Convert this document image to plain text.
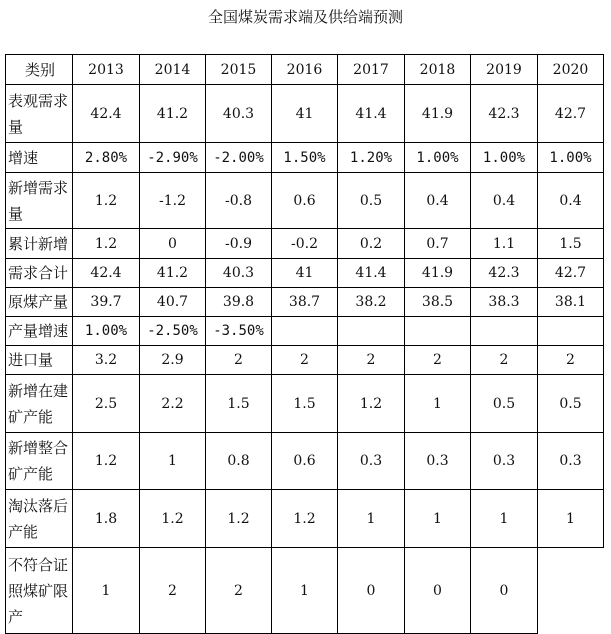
全国煤炭需求端及供给端预测
类别	2013	2014	2015	2016	2017	2018	2019	2020
表观需求量	42.4	41.2	40.3	41	41.4	41.9	42.3	42.7
增速	2.80%	-2.90%	-2.00%	1.50%	1.20%	1.00%	1.00%	1.00%
新增需求量	1.2	-1.2	-0.8	0.6	0.5	0.4	0.4	0.4
累计新增	1.2	0	-0.9	-0.2	0.2	0.7	1.1	1.5
需求合计	42.4	41.2	40.3	41	41.4	41.9	42.3	42.7
原煤产量	39.7	40.7	39.8	38.7	38.2	38.5	38.3	38.1
产量增速	1.00%	-2.50%	-3.50%					
进口量	3.2	2.9	2	2	2	2	2	2
新增在建矿产能	2.5	2.2	1.5	1.5	1.2	1	0.5	0.5
新增整合矿产能	1.2	1	0.8	0.6	0.3	0.3	0.3	0.3
淘汰落后产能	1.8	1.2	1.2	1.2	1	1	1	1
不符合证照煤矿限产	1	2	2	1	0	0	0	
